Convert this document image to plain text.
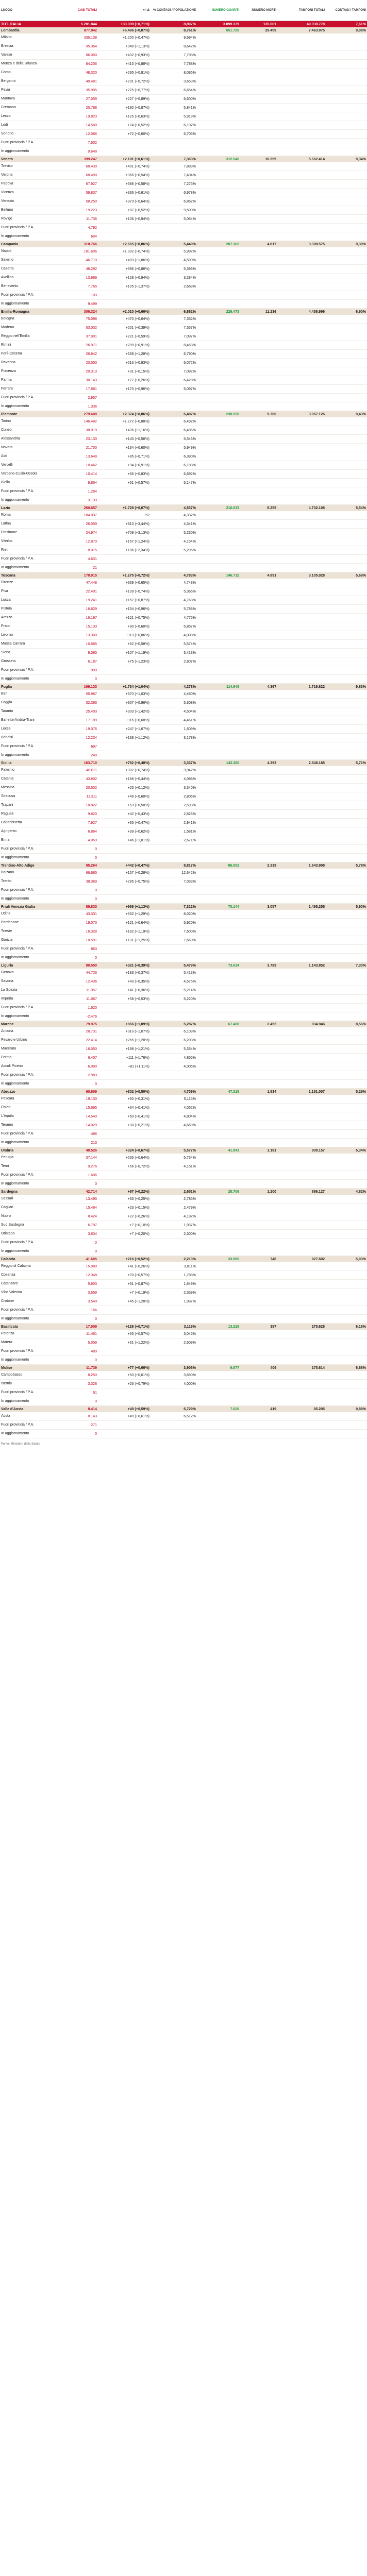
LUOGO	CASI TOTALI	+/- Δ	% CONTAGI / POPOLAZIONE	NUMERO GUARITI	NUMERO MORTI	TAMPONI TOTALI	CONTAGI / TAMPONI
TOT. ITALIA	5.281.844	+33.009 (+0,71%)	8,897%	3.899.379	135.601	49.030.778	7,61%
Lombardia	877.842	+6.496 (+0,87%)	8,761%	651.726	29.459	7.463.075	9,08%
Milano	335.138	+1.200 (+0,47%)	9,694%				
Brescia	95.364	+948 (+1,13%)	8,642%				
Varese	86.000	+432 (+0,93%)	7,798%				
Monza e della Brianza	84.206	+415 (+0,88%)	7,788%				
Como	48.320	+295 (+0,81%)	8,086%				
Bergamo	40.481	+291 (+0,72%)	3,653%				
Pavia	35.905	+275 (+0,77%)	6,654%				
Mantova	27.059	+227 (+0,89%)	6,600%				
Cremona	20.788	+180 (+0,87%)	5,841%				
Lecco	19.823	+125 (+0,63%)	5,918%				
Lodi	14.580	+74 (+0,52%)	6,192%				
Sondrio	12.066	+72 (+0,60%)	6,705%				
Fuori provincia / P.A.	7.602						
In aggiornamento	9.648						
Veneto	399.247	+2.181 (+0,61%)	7,363%	312.546	10.259	5.662.414	9,34%
Treviso	68.430	+401 (+0,74%)	7,889%				
Verona	68.490	+366 (+0,54%)	7,404%				
Padova	67.927	+388 (+0,58%)	7,275%				
Vicenza	59.837	+336 (+0,61%)	6,978%				
Venezia	58.250	+373 (+0,64%)	6,862%				
Belluno	19.223	+87 (+0,52%)	9,500%				
Rovigo	11.736	+106 (+0,94%)	5,064%				
Fuori provincia / P.A.	4.792						
In aggiornamento	604						
Campania	310.766	+2.665 (+0,86%)	5,440%	207.302	4.817	3.308.575	9,39%
Napoli	181.606	+1.332 (+0,74%)	5,992%				
Salerno	46.719	+493 (+1,06%)	4,590%				
Caserta	46.292	+396 (+0,86%)	5,396%				
Avellino	13.689	+128 (+0,94%)	3,284%				
Benevento	7.765	+105 (+1,37%)	2,668%				
Fuori provincia / P.A.	103						
In aggiornamento	9.499						
Emilia-Romagna	306.324	+2.010 (+0,66%)	6,862%	229.473	11.236	4.436.996	6,90%
Bologna	75.098	+470 (+0,64%)	7,352%				
Modena	53.032	+201 (+0,39%)	7,357%				
Reggio nell'Emilia	37.901	+221 (+0,59%)	7,097%				
Rimini	26.971	+209 (+0,91%)	8,463%				
Forlì-Cesena	26.842	+338 (+1,28%)	6,790%				
Ravenna	23.550	+216 (+0,93%)	6,072%				
Piacenza	20.313	+31 (+0,15%)	7,092%				
Parma	30.143	+77 (+0,26%)	6,428%				
Ferrara	17.881	+170 (+0,96%)	5,097%				
Fuori provincia / P.A.	2.957						
In aggiornamento	1.336						
Piemonte	279.600	+2.374 (+0,86%)	6,487%	238.936	9.766	3.967.126	9,43%
Torino	146.482	+1.272 (+0,88%)	6,492%				
Cuneo	38.019	+436 (+1,16%)	6,485%				
Alessandria	23.130	+140 (+0,56%)	5,543%				
Novara	21.700	+134 (+0,60%)	5,949%				
Asti	13.648	+85 (+0,71%)	6,390%				
Vercelli	10.462	+94 (+0,91%)	6,188%				
Verbano-Cusio-Ossola	10.414	+86 (+0,83%)	6,692%				
Biella	9.864	+51 (+0,57%)	5,147%				
Fuori provincia / P.A.	1.294						
In aggiornamento	3.139						
Lazio	260.657	+1.728 (+0,67%)	4,537%	210.033	6.255	4.702.106	5,54%
Roma	184.037	-52	4,332%				
Latina	26.059	+813 (+3,44%)	4,541%				
Frosinone	24.974	+709 (+3,13%)	5,230%				
Viterbo	12.870	+157 (+1,24%)	4,154%				
Rieti	8.075	+186 (+2,34%)	5,295%				
Fuori provincia / P.A.	4.831						
In aggiornamento	21						
Toscana	178.015	+1.275 (+0,72%)	4,783%	146.712	4.891	3.105.028	5,69%
Firenze	47.448	+339 (+0,65%)	4,748%				
Pisa	22.401	+139 (+0,74%)	5,366%				
Lucca	19.241	+157 (+0,87%)	4,768%				
Pistoia	16.829	+154 (+0,96%)	5,788%				
Arezzo	16.197	+121 (+0,75%)	4,775%				
Prato	15.133	+90 (+0,60%)	5,857%				
Livorno	13.300	+113 (+0,86%)	4,008%				
Massa Carrara	10.685	+62 (+0,58%)	5,574%				
Siena	9.085	+107 (+1,19%)	3,413%				
Grosseto	6.187	+75 (+1,23%)	2,807%				
Fuori provincia / P.A.	999						
In aggiornamento	0						
Puglia	169.133	+1.734 (+1,04%)	4,278%	114.948	4.367	1.719.822	9,83%
Bari	55.967	+570 (+1,03%)	4,480%				
Foggia	32.386	+307 (+0,96%)	5,308%				
Taranto	25.403	+303 (+1,42%)	4,504%				
Barletta-Andria-Trani	17.189	+116 (+0,68%)	4,461%				
Lecce	19.076	+247 (+1,67%)	1,609%				
Brindisi	12.234	+138 (+1,12%)	3,178%				
Fuori provincia / P.A.	697						
In aggiornamento	248						
Sicilia	163.710	+782 (+0,48%)	3,337%	143.360	4.393	2.848.185	5,71%
Palermo	48.011	+302 (+0,74%)	3,942%				
Catania	43.802	+186 (+0,44%)	4,088%				
Messina	20.502	+25 (+0,12%)	3,340%				
Siracusa	11.311	+46 (+0,60%)	2,806%				
Trapani	10.822	+53 (+0,50%)	2,593%				
Ragusa	9.820	+42 (+0,43%)	2,826%				
Caltanissetta	7.927	+35 (+0,47%)	2,941%				
Agrigento	6.864	+39 (+0,62%)	1,581%				
Enna	4.059	+46 (+1,01%)	2,671%				
Fuori provincia / P.A.	0						
In aggiornamento	0						
Trentino-Alto Adige	95.264	+442 (+0,47%)	8,817%	86.002	2.339	1.643.908	5,78%
Bolzano	66.685	+157 (+0,28%)	12,642%				
Trento	38.369	+285 (+0,75%)	7,033%				
Fuori provincia / P.A.	0						
In aggiornamento	0						
Friuli Venezia Giulia	86.833	+986 (+1,13%)	7,312%	70.144	3.057	1.495.255	5,90%
Udine	43.331	+532 (+1,29%)	8,020%				
Pordenone	19.070	+121 (+0,64%)	5,920%				
Trieste	16.328	+192 (+1,19%)	7,600%				
Gorizia	10.591	+131 (+1,25%)	7,660%				
Fuori provincia / P.A.	863						
In aggiornamento	0						
Liguria	80.550	+321 (+0,39%)	5,479%	73.614	3.789	1.143.852	7,30%
Genova	44.726	+183 (+0,37%)	5,413%				
Savona	12.436	+43 (+0,35%)	4,575%				
La Spezia	11.357	+41 (+0,36%)	5,214%				
Imperia	11.067	+58 (+0,53%)	5,220%				
Fuori provincia / P.A.	1.620						
In aggiornamento	-2.476						
Marche	79.975	+866 (+1,09%)	5,287%	67.408	2.452	934.946	8,56%
Ancona	28.731	+310 (+1,07%)	6,109%				
Pesaro e Urbino	22.414	+265 (+1,20%)	6,203%				
Macerata	16.050	+198 (+1,21%)	5,334%				
Fermo	6.407	+111 (+1,76%)	4,855%				
Ascoli Piceno	6.090	+81 (+1,11%)	4,006%				
Fuori provincia / P.A.	2.983						
In aggiornamento	0						
Abruzzo	60.609	+302 (+0,50%)	4,709%	47.318	1.834	1.151.007	5,29%
Pescara	19.130	+60 (+0,31%)	5,115%				
Chieti	15.695	+64 (+0,41%)	4,052%				
L'Aquila	14.540	+60 (+0,41%)	4,804%				
Teramo	14.029	+30 (+0,21%)	4,669%				
Fuori provincia / P.A.	486						
In aggiornamento	213						
Umbria	48.526	+324 (+0,67%)	5,577%	41.841	1.181	909.157	5,34%
Perugia	37.144	+236 (+0,64%)	5,734%				
Terni	9.276	+66 (+0,72%)	4,151%				
Fuori provincia / P.A.	1.606						
In aggiornamento	0						
Sardegna	42.714	+97 (+0,22%)	2,651%	28.706	1.200	886.127	4,82%
Sassari	13.495	+33 (+0,25%)	2,785%				
Cagliari	15.484	+23 (+0,15%)	2,479%				
Nuoro	8.424	+22 (+0,26%)	4,192%				
Sud Sardegna	6.797	+7 (+0,10%)	1,937%				
Oristano	3.634	+7 (+0,20%)	2,300%				
Fuori provincia / P.A.	0						
In aggiornamento	0						
Calabria	41.605	+216 (+0,52%)	2,213%	33.985	746	827.602	5,03%
Reggio di Calabria	15.980	+41 (+0,26%)	3,011%				
Cosenza	12.348	+70 (+0,57%)	1,788%				
Catanzaro	5.903	+51 (+0,87%)	1,649%				
Vibo Valentia	3.659	+7 (+0,19%)	2,359%				
Crotone	3.549	+45 (+1,28%)	1,997%				
Fuori provincia / P.A.	166						
In aggiornamento	0						
Basilicata	17.009	+126 (+0,71%)	3,119%	13.229	397	275.628	6,16%
Potenza	11.461	+65 (+0,57%)	3,045%				
Matera	5.059	+61 (+1,22%)	2,609%				
Fuori provincia / P.A.	489						
In aggiornamento	0						
Molise	11.739	+77 (+0,66%)	3,906%	9.877	409	175.614	6,68%
Campobasso	8.250	+50 (+0,61%)	3,690%				
Isernia	3.328	+26 (+0,79%)	4,000%				
Fuori provincia / P.A.	61						
In aggiornamento	0						
Valle d'Aosta	8.414	+49 (+0,59%)	6,729%	7.626	419	85.205	9,88%
Aosta	8.143	+49 (+0,61%)	6,512%				
Fuori provincia / P.A.	271						
In aggiornamento	0						
Fonte: Ministero della Salute							
